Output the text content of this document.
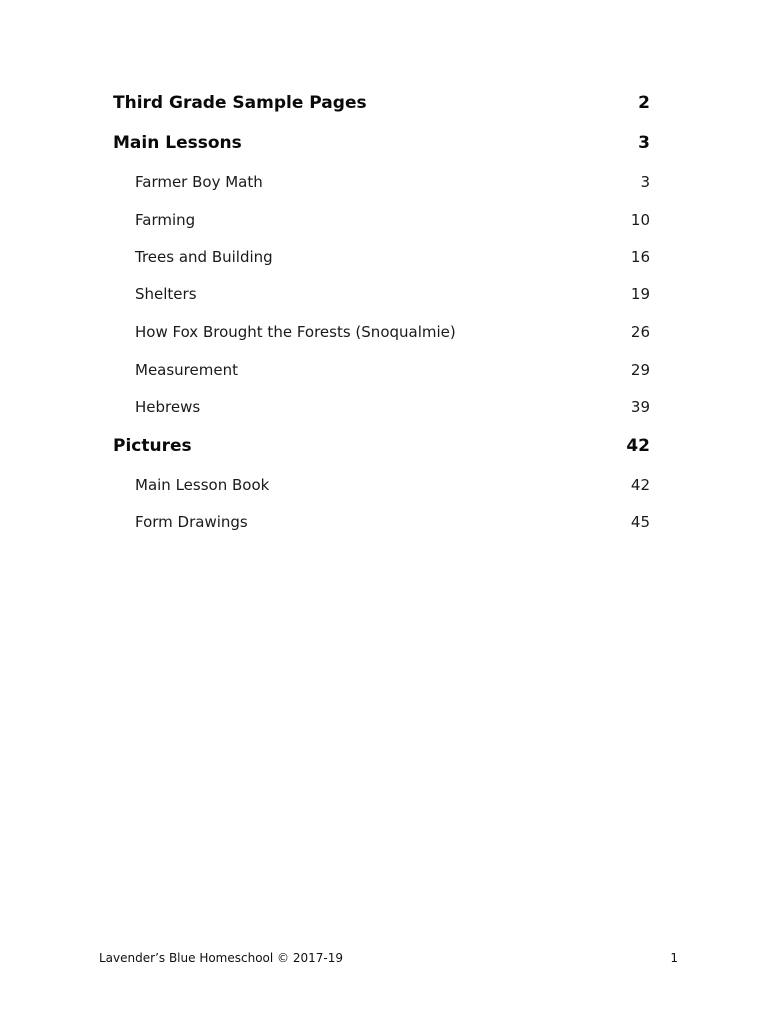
Third Grade Sample Pages	2
Main Lessons	3
Farmer Boy Math	3
Farming	10
Trees and Building	16
Shelters	19
How Fox Brought the Forests (Snoqualmie)	26
Measurement	29
Hebrews	39
Pictures	42
Main Lesson Book	42
Form Drawings	45
Lavender’s Blue Homeschool © 2017-19	1
